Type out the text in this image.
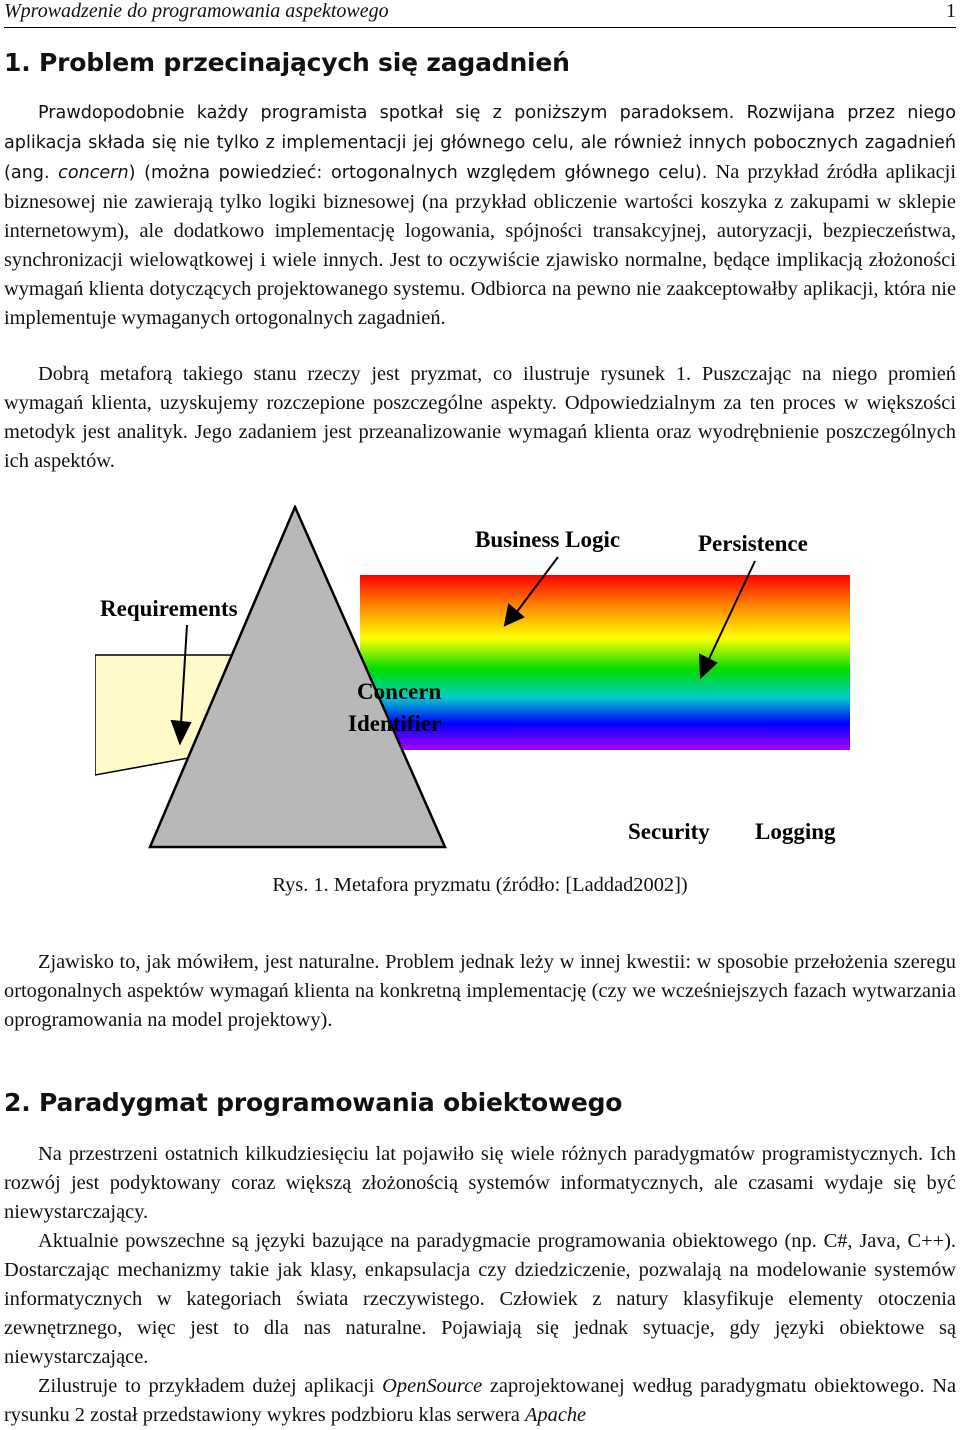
Wprowadzenie do programowania aspektowego	1
1. Problem przecinających się zagadnień

Prawdopodobnie każdy programista spotkał się z poniższym paradoksem. Rozwijana przez niego aplikacja składa się nie tylko z implementacji jej głównego celu, ale również innych pobocznych zagadnień (ang. concern) (można powiedzieć: ortogonalnych względem głównego celu). Na przykład źródła aplikacji biznesowej nie zawierają tylko logiki biznesowej (na przykład obliczenie wartości koszyka z zakupami w sklepie internetowym), ale dodatkowo implementację logowania, spójności transakcyjnej, autoryzacji, bezpieczeństwa, synchronizacji wielowątkowej i wiele innych. Jest to oczywiście zjawisko normalne, będące implikacją złożoności wymagań klienta dotyczących projektowanego systemu. Odbiorca na pewno nie zaakceptowałby aplikacji, która nie implementuje wymaganych ortogonalnych zagadnień.

Dobrą metaforą takiego stanu rzeczy jest pryzmat, co ilustruje rysunek 1. Puszczając na niego promień wymagań klienta, uzyskujemy rozczepione poszczególne aspekty. Odpowiedzialnym za ten proces w większości metodyk jest analityk. Jego zadaniem jest przeanalizowanie wymagań klienta oraz wyodrębnienie poszczególnych ich aspektów.

Business Logic	Persistence
Requirements
Concern
Identifier
Security Logging
Rys. 1. Metafora pryzmatu (źródło: [Laddad2002])

Zjawisko to, jak mówiłem, jest naturalne. Problem jednak leży w innej kwestii: w sposobie przełożenia szeregu ortogonalnych aspektów wymagań klienta na konkretną implementację (czy we wcześniejszych fazach wytwarzania oprogramowania na model projektowy).

2. Paradygmat programowania obiektowego

Na przestrzeni ostatnich kilkudziesięciu lat pojawiło się wiele różnych paradygmatów programistycznych. Ich rozwój jest podyktowany coraz większą złożonością systemów informatycznych, ale czasami wydaje się być niewystarczający.

Aktualnie powszechne są języki bazujące na paradygmacie programowania obiektowego (np. C#, Java, C++). Dostarczając mechanizmy takie jak klasy, enkapsulacja czy dziedziczenie, pozwalają na modelowanie systemów informatycznych w kategoriach świata rzeczywistego. Człowiek z natury klasyfikuje elementy otoczenia zewnętrznego, więc jest to dla nas naturalne. Pojawiają się jednak sytuacje, gdy języki obiektowe są niewystarczające.

Zilustruje to przykładem dużej aplikacji OpenSource zaprojektowanej według paradygmatu obiektowego. Na rysunku 2 został przedstawiony wykres podzbioru klas serwera Apache
